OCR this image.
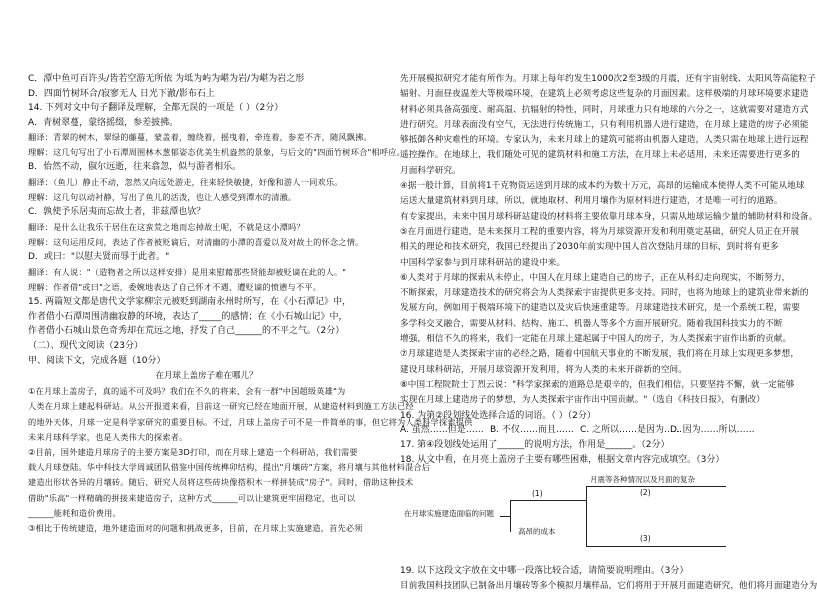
C．潭中鱼可百许头/皆若空游无所依 为坻为屿为嵁为岩/为嵁为岩之形
D．四面竹树环合/寂寥无人 日光下澈/影布石上
14. 下列对文中句子翻译及理解，全都无误的一项是（ ）（2分）
A．青树翠蔓，蒙络摇缀，参差披拂。
翻译：青翠的树木，翠绿的藤蔓，蒙盖着，缠绕着，摇曳着，牵连着，参差不齐，随风飘拂。
理解：这几句写出了小石潭周围林木葱郁姿态优美生机盎然的景象，与后文的"四面竹树环合"相呼应。
B．佁然不动，俶尔远逝，往来翕忽，似与游者相乐。
翻译：（鱼儿）静止不动，忽然又向远处游走，往来轻快敏捷，好像和游人一同欢乐。
理解：这几句以动衬静，写出了鱼儿的活泼，也让人感受到潭水的清澈。
C．孰使予乐居夷而忘故土者，非兹潭也欤？
翻译：是什么让我乐于居住在这蛮荒之地而忘掉故土呢，不就是这小潭吗？
理解：这句运用反问，表达了作者被贬谪后，对清幽的小潭的喜爱以及对故土的怀念之情。
D．或曰："以慰夫贤而辱于此者。"
翻译：有人说："（造物者之所以这样安排）是用来慰藉那些贤能却被贬谪在此的人。"
理解：作者借"或曰"之语，委婉地表达了自己怀才不遇、遭贬谪的愤懑与不平。
15. 两篇短文都是唐代文学家柳宗元被贬到湖南永州时所写，在《小石潭记》中，
作者借小石潭周围清幽寂静的环境，表达了_____的感情；在《小石城山记》中，
作者借小石城山景色奇秀却在荒远之地，抒发了自己______的不平之气。（2分）
（二）、现代文阅读（23分）
甲、阅读下文，完成各题（10分）
在月球上盖房子难在哪儿？
①在月球上盖房子，真的遥不可及吗？我们在不久的将来，会有一群"中国超级英雄"为
人类在月球上建起科研站。从公开报道来看，目前这一研究已经在地面开展，从建造材料到施工方法已经
的地外天体，月球一定是科学家研究的重要目标。不过，月球上盖房子可不是一件简单的事，但它将为人类科学探索提供
未来月球科学家，也是人类伟大的探索者。
②目前，国外建造月球房子的主要方案是3D打印，而在月球上建造一个科研站，我们需要
载人月球登陆。华中科技大学周诚团队借鉴中国传统榫卯结构，提出"月壤砖"方案，将月壤与其他材料混合后
建造出形状各异的月壤砖。随后，研究人员将这些砖块像搭积木一样拼装成"房子"。同时，借助这种技术
借助"乐高"一样精确的拼接来建造房子，这种方式______可以让建筑更牢固稳定，也可以
______能耗和造价费用。
③相比于传统建造，地外建造面对的问题和挑战更多，目前，在月球上实施建造，首先必须
先开展模拟研究才能有所作为。月球上每年约发生1000次2至3级的月震，还有宇宙射线、太阳风等高能粒子
辐射、月面昼夜温差大等极端环境，在建筑上必须考虑这些复杂的月面因素。这样极端的月球环境要求建造
材料必须具备高强度、耐高温、抗辐射的特性，同时，月球重力只有地球的六分之一，这就需要对建造方式
进行研究。月球表面没有空气，无法进行传统施工，只有利用机器人进行建造，在月球上建造的房子必须能
够抵御各种灾难性的环境。专家认为，未来月球上的建筑可能将由机器人建造，人类只需在地球上进行远程
遥控操作。在地球上，我们随处可见的建筑材料和施工方法，在月球上未必适用，未来还需要进行更多的
月面科学研究。
④据一般计算，目前将1千克物资运送到月球的成本约为数十万元，高昂的运输成本使得人类不可能从地球
运送大量建筑材料到月球，所以，就地取材、利用月壤作为原材料进行建造，才是唯一可行的道路。
有专家提出，未来中国月球科研站建设的材料将主要依靠月球本身，只需从地球运输少量的辅助材料和设备。
⑤在月面进行建造，是未来探月工程的重要内容，将为月球资源开发和利用奠定基础，研究人员正在开展
相关的理论和技术研究，我国已经提出了2030年前实现中国人首次登陆月球的目标，到时将有更多
中国科学家参与到月球科研站的建设中来。
⑥人类对于月球的探索从未停止，中国人在月球上建造自己的房子，正在从科幻走向现实，不断努力，
不断探索，月球建造技术的研究将会为人类探索宇宙提供更多支持。同时，也将为地球上的建筑业带来新的
发展方向，例如用于极端环境下的建造以及灾后快速重建等。月球建造技术研究，是一个系统工程，需要
多学科交叉融合，需要从材料、结构、施工、机器人等多个方面开展研究。随着我国科技实力的不断
增强，相信不久的将来，我们一定能在月球上建起属于中国人的房子，为人类探索宇宙作出新的贡献。
⑦月球建造是人类探索宇宙的必经之路，随着中国航天事业的不断发展，我们将在月球上实现更多梦想，
建设月球科研站，开展月球资源开发利用，将为人类的未来开辟新的空间。
⑧中国工程院院士丁烈云说："科学家探索的道路总是艰辛的，但我们相信，只要坚持不懈，就一定能够
实现在月球上建造房子的梦想，为人类探索宇宙作出中国贡献。"（选自《科技日报》，有删改）
16. 为第②段划线处选择合适的词语。（ ）（2分）
A. 虽然……但是…… B. 不仅……而且…… C. 之所以……是因为……
D. 因为……所以……
17. 第④段划线处运用了______的说明方法，作用是______。（2分）
18. 从文中看，在月亮上盖房子主要有哪些困难，根据文章内容完成填空。（3分）
月震等各种情况以及月面的复杂
(2)
(3)
(1)
在月球实施建造面临的问题
高昂的成本
19. 以下这段文字放在文中哪一段落比较合适，请简要说明理由。（3分）
目前我国科技团队已制备出月壤砖等多个模拟月壤样品，它们将用于开展月面建造研究，他们将月面建造分为
